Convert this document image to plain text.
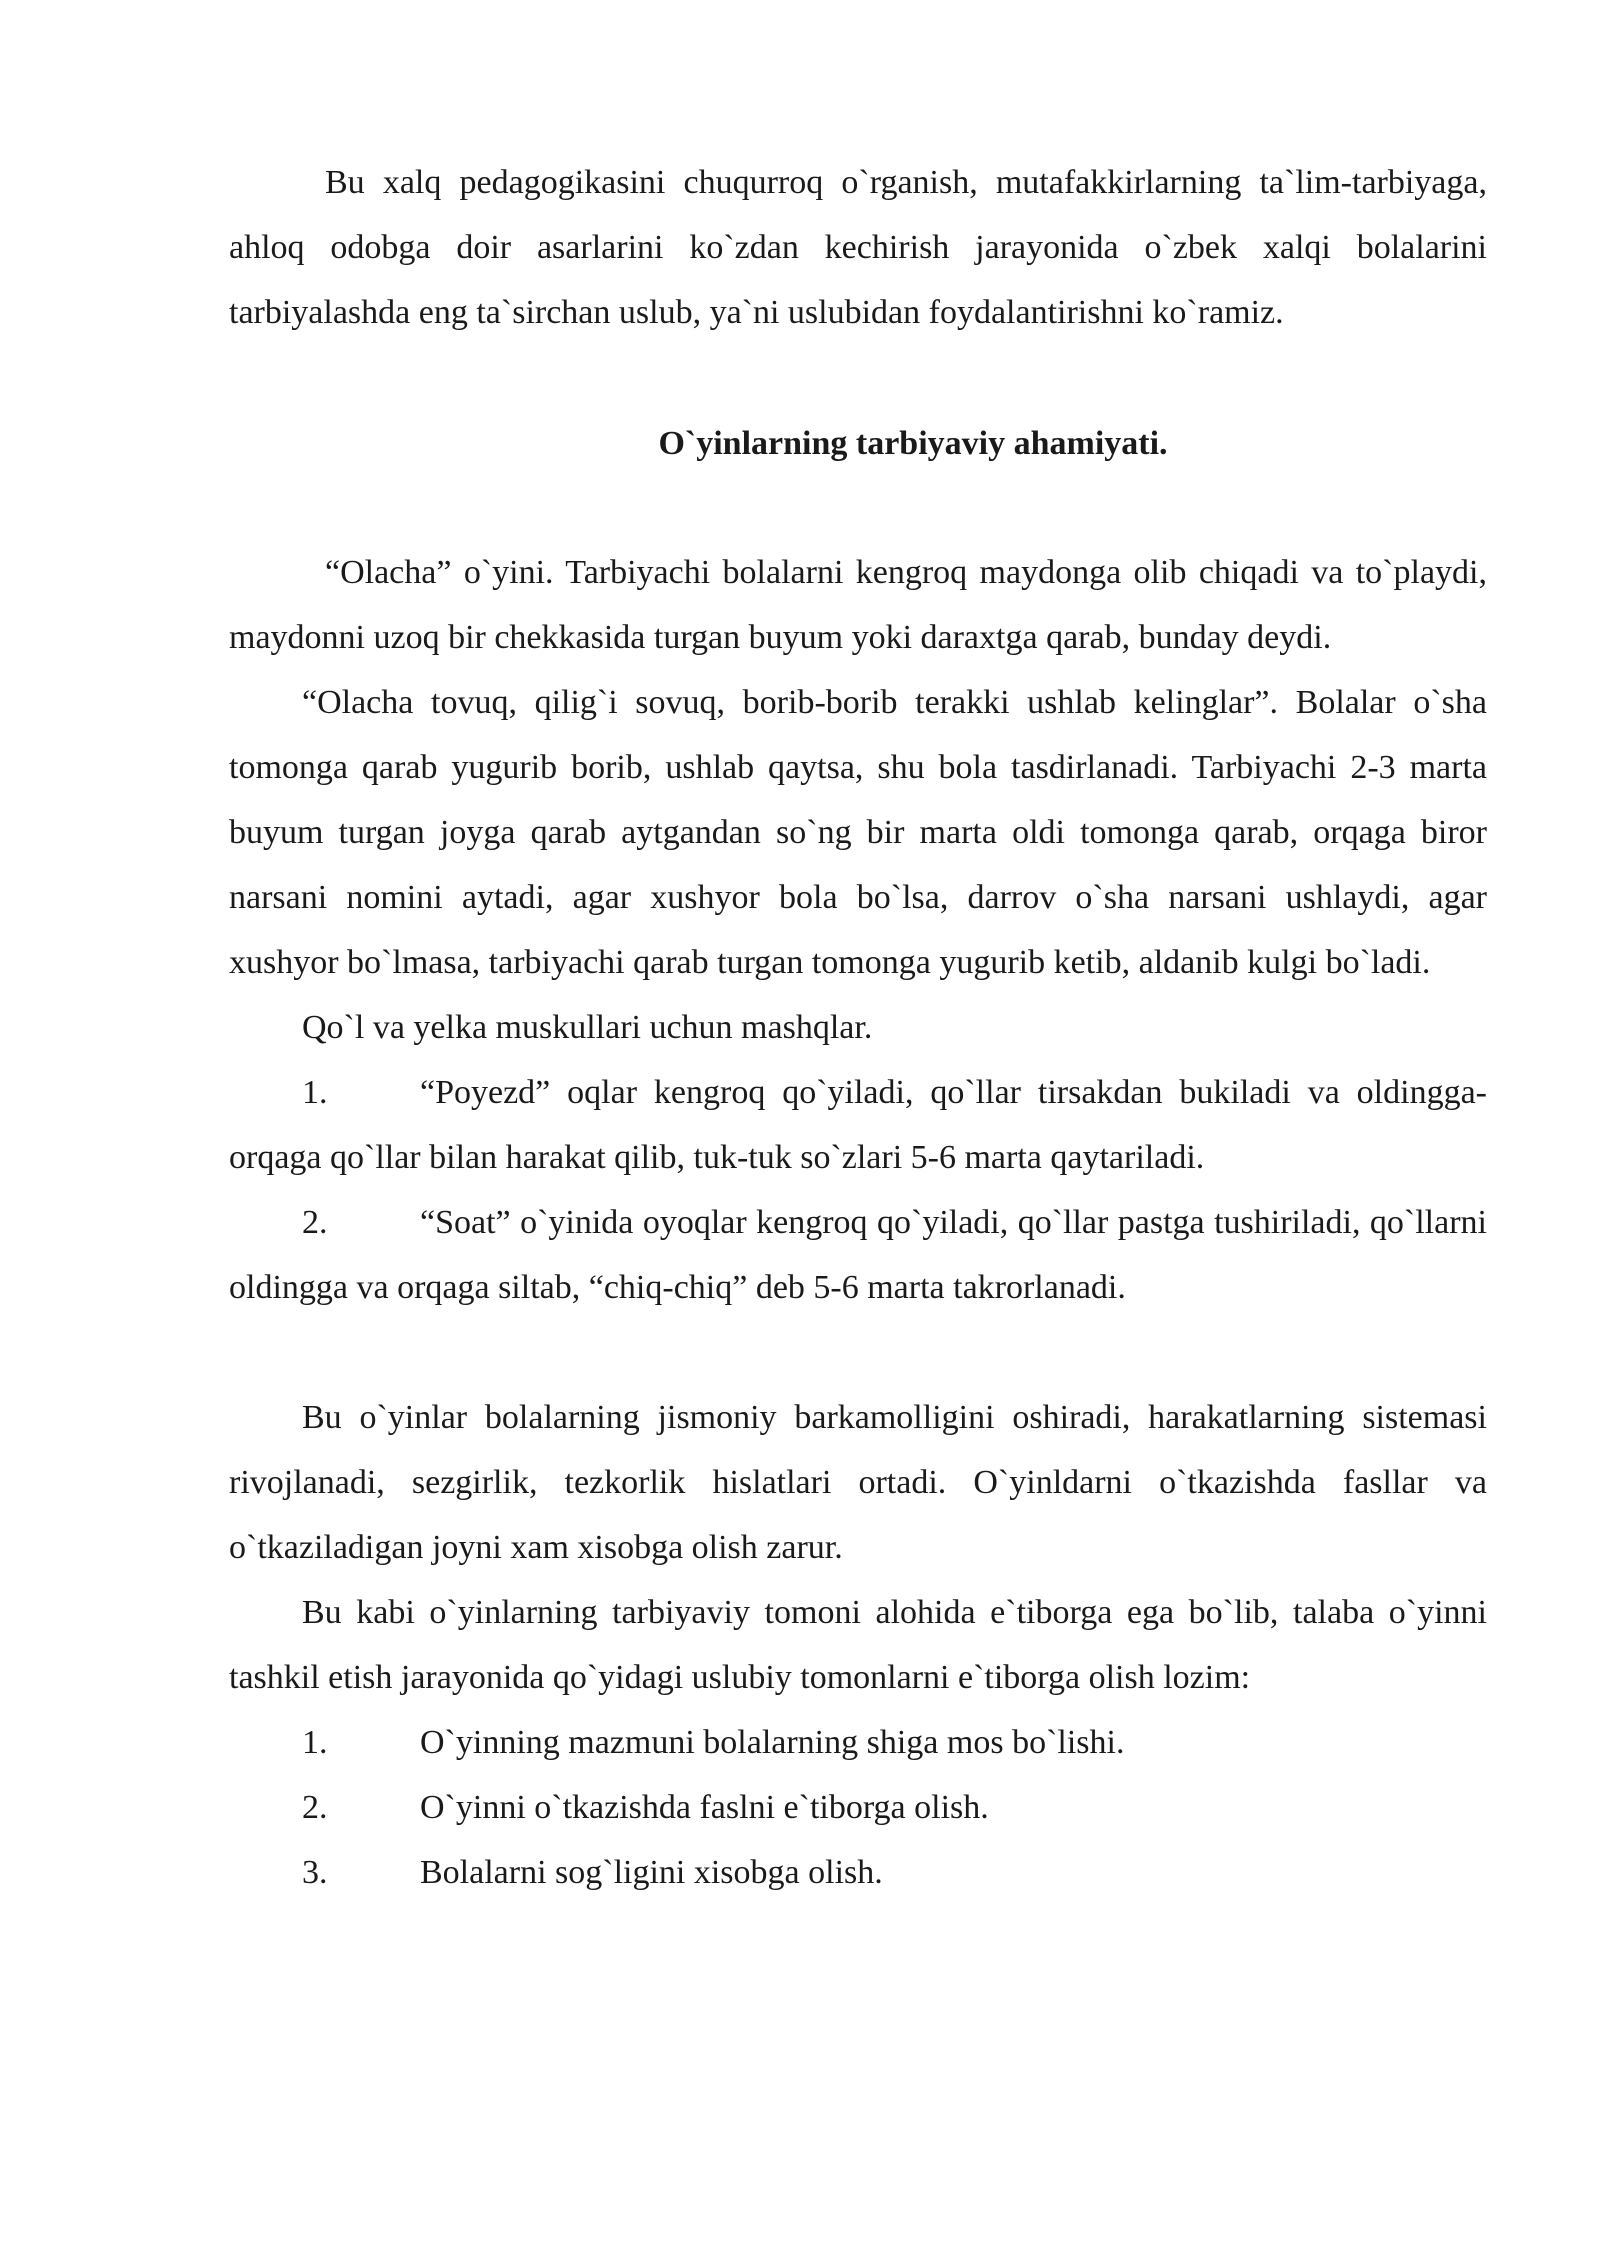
Bu xalq pedagogikasini chuqurroq o`rganish, mutafakkirlarning ta`lim-tarbiyaga, ahloq odobga doir asarlarini ko`zdan kechirish jarayonida o`zbek xalqi bolalarini tarbiyalashda eng ta`sirchan uslub, ya`ni uslubidan foydalantirishni ko`ramiz.

O`yinlarning tarbiyaviy ahamiyati.

“Olacha” o`yini. Tarbiyachi bolalarni kengroq maydonga olib chiqadi va to`playdi, maydonni uzoq bir chekkasida turgan buyum yoki daraxtga qarab, bunday deydi.

“Olacha tovuq, qilig`i sovuq, borib-borib terakki ushlab kelinglar”. Bolalar o`sha tomonga qarab yugurib borib, ushlab qaytsa, shu bola tasdirlanadi. Tarbiyachi 2-3 marta buyum turgan joyga qarab aytgandan so`ng bir marta oldi tomonga qarab, orqaga biror narsani nomini aytadi, agar xushyor bola bo`lsa, darrov o`sha narsani ushlaydi, agar xushyor bo`lmasa, tarbiyachi qarab turgan tomonga yugurib ketib, aldanib kulgi bo`ladi.

Qo`l va yelka muskullari uchun mashqlar.

1.	“Poyezd” oqlar kengroq qo`yiladi, qo`llar tirsakdan bukiladi va oldingga-orqaga qo`llar bilan harakat qilib, tuk-tuk so`zlari 5-6 marta qaytariladi.

2.	“Soat” o`yinida oyoqlar kengroq qo`yiladi, qo`llar pastga tushiriladi, qo`llarni oldingga va orqaga siltab, “chiq-chiq” deb 5-6 marta takrorlanadi.

Bu o`yinlar bolalarning jismoniy barkamolligini oshiradi, harakatlarning sistemasi rivojlanadi, sezgirlik, tezkorlik hislatlari ortadi. O`yinldarni o`tkazishda fasllar va o`tkaziladigan joyni xam xisobga olish zarur.

Bu kabi o`yinlarning tarbiyaviy tomoni alohida e`tiborga ega bo`lib, talaba o`yinni tashkil etish jarayonida qo`yidagi uslubiy tomonlarni e`tiborga olish lozim:

1.	O`yinning mazmuni bolalarning shiga mos bo`lishi.
2.	O`yinni o`tkazishda faslni e`tiborga olish.
3.	Bolalarni sog`ligini xisobga olish.
